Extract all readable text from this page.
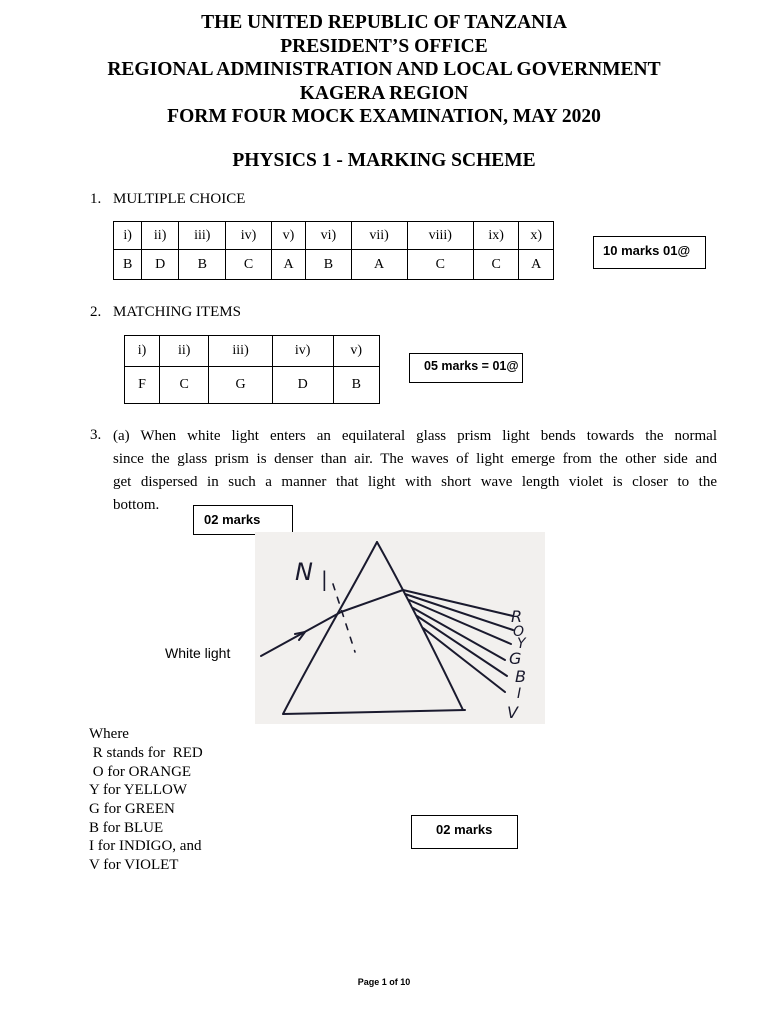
THE UNITED REPUBLIC OF TANZANIA
PRESIDENT’S OFFICE
REGIONAL ADMINISTRATION AND LOCAL GOVERNMENT
KAGERA REGION
FORM FOUR MOCK EXAMINATION, MAY 2020
PHYSICS 1 - MARKING SCHEME
1. MULTIPLE CHOICE
i)	ii)	iii)	iv)	v)	vi)	vii)	viii)	ix)	x)
B	D	B	C	A	B	A	C	C	A
10 marks 01@
2. MATCHING ITEMS
i)	ii)	iii)	iv)	v)
F	C	G	D	B
05 marks = 01@
3. (a) When white light enters an equilateral glass prism light bends towards the normal
since the glass prism is denser than air. The waves of light emerge from the other side and
get dispersed in such a manner that light with short wave length violet is closer to the
bottom.
02 marks
White light
N |
R
O
Y
G
B
I
V
Where
R stands for  RED
O for ORANGE
Y for YELLOW
G for GREEN
B for BLUE
I for INDIGO, and
V for VIOLET
02 marks
Page 1 of 10
